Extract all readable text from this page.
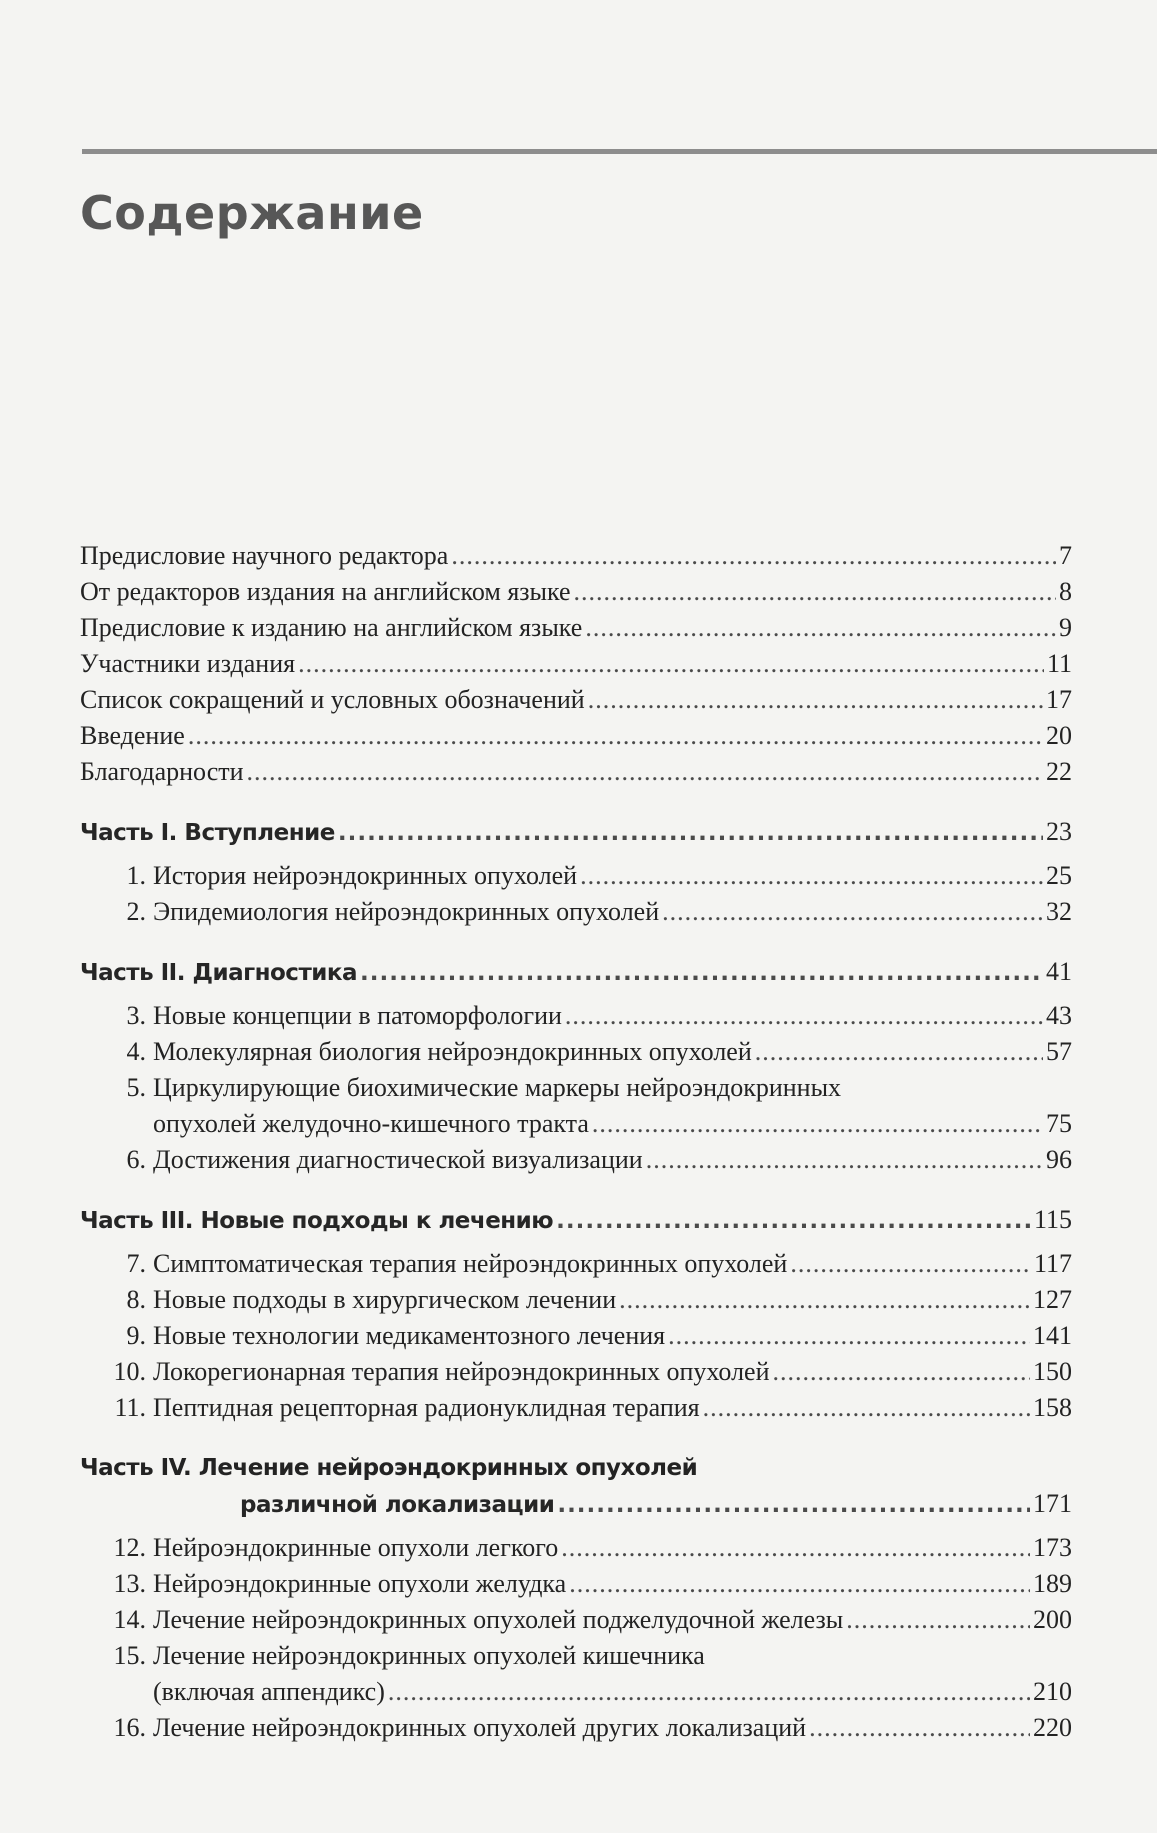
Содержание
Предисловие научного редактора .....	7
От редакторов издания на английском языке .....	8
Предисловие к изданию на английском языке .....	9
Участники издания .....	11
Список сокращений и условных обозначений .....	17
Введение .....	20
Благодарности .....	22
Часть I. Вступление .....	23
1. История нейроэндокринных опухолей .....	25
2. Эпидемиология нейроэндокринных опухолей .....	32
Часть II. Диагностика .....	41
3. Новые концепции в патоморфологии .....	43
4. Молекулярная биология нейроэндокринных опухолей .....	57
5. Циркулирующие биохимические маркеры нейроэндокринных
опухолей желудочно-кишечного тракта .....	75
6. Достижения диагностической визуализации .....	96
Часть III. Новые подходы к лечению .....	115
7. Симптоматическая терапия нейроэндокринных опухолей .....	117
8. Новые подходы в хирургическом лечении .....	127
9. Новые технологии медикаментозного лечения .....	141
10. Локорегионарная терапия нейроэндокринных опухолей .....	150
11. Пептидная рецепторная радионуклидная терапия .....	158
Часть IV. Лечение нейроэндокринных опухолей
различной локализации .....	171
12. Нейроэндокринные опухоли легкого .....	173
13. Нейроэндокринные опухоли желудка .....	189
14. Лечение нейроэндокринных опухолей поджелудочной железы .....	200
15. Лечение нейроэндокринных опухолей кишечника
(включая аппендикс) .....	210
16. Лечение нейроэндокринных опухолей других локализаций .....	220
